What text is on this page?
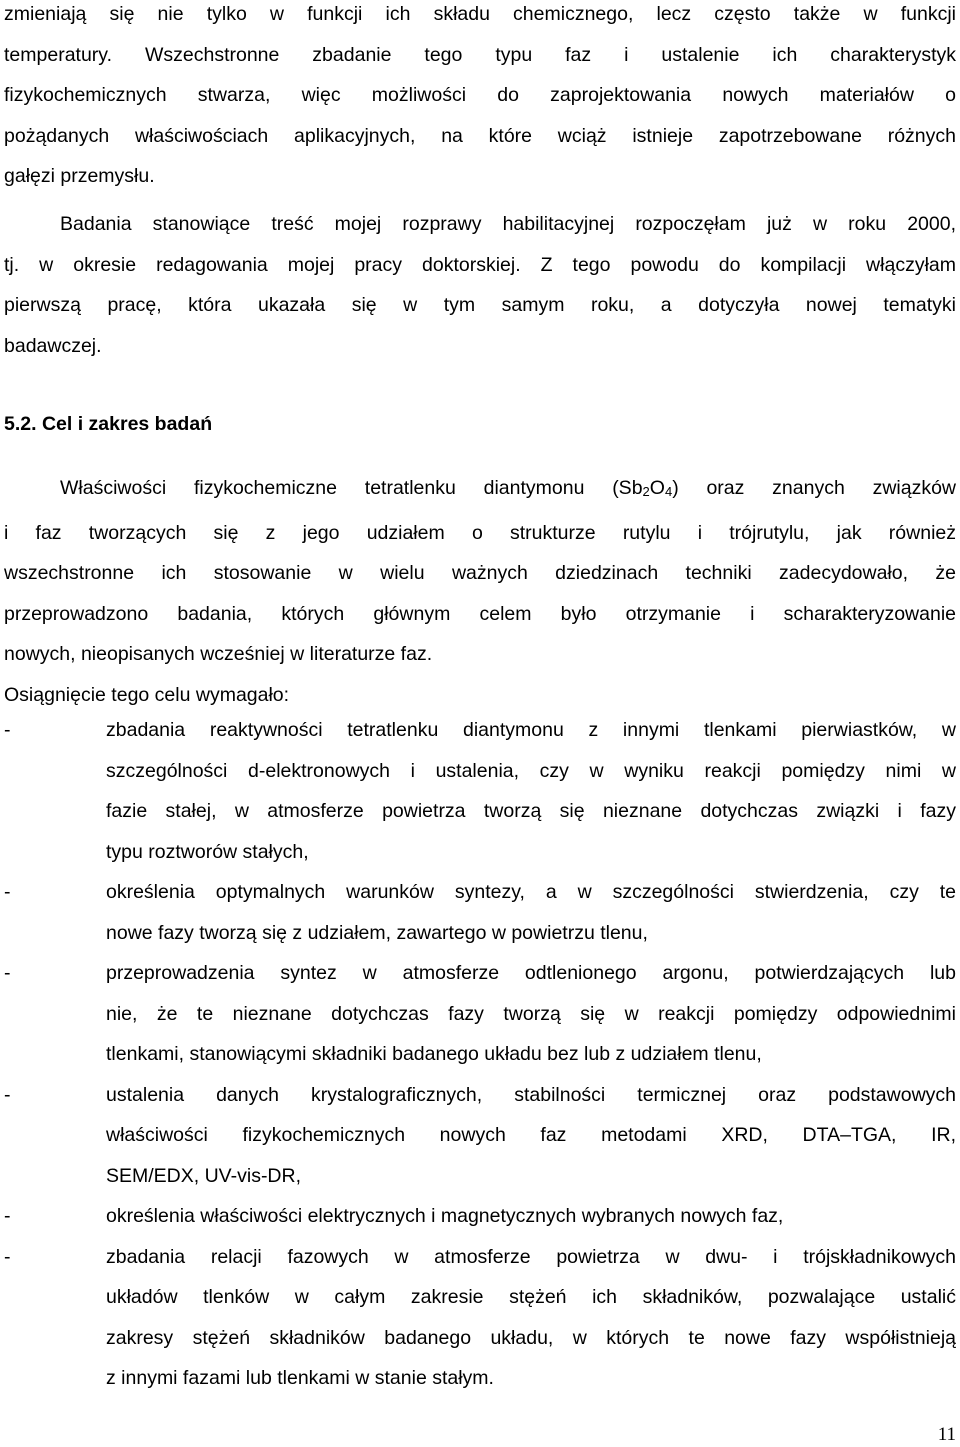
zmieniają się nie tylko w funkcji ich składu chemicznego, lecz często także w funkcji
temperatury. Wszechstronne zbadanie tego typu faz i ustalenie ich charakterystyk
fizykochemicznych stwarza, więc możliwości do zaprojektowania nowych materiałów o
pożądanych właściwościach aplikacyjnych, na które wciąż istnieje zapotrzebowane różnych
gałęzi przemysłu.
Badania stanowiące treść mojej rozprawy habilitacyjnej rozpoczęłam już w roku 2000,
tj. w okresie redagowania mojej pracy doktorskiej. Z tego powodu do kompilacji włączyłam
pierwszą pracę, która ukazała się w tym samym roku, a dotyczyła nowej tematyki
badawczej.
5.2. Cel i zakres badań
Właściwości fizykochemiczne tetratlenku diantymonu (Sb2O4) oraz znanych związków
i faz tworzących się z jego udziałem o strukturze rutylu i trójrutylu, jak również
wszechstronne ich stosowanie w wielu ważnych dziedzinach techniki zadecydowało, że
przeprowadzono badania, których głównym celem było otrzymanie i scharakteryzowanie
nowych, nieopisanych wcześniej w literaturze faz.
Osiągnięcie tego celu wymagało:
-	zbadania reaktywności tetratlenku diantymonu z innymi tlenkami pierwiastków, w
szczególności d-elektronowych i ustalenia, czy w wyniku reakcji pomiędzy nimi w
fazie stałej, w atmosferze powietrza tworzą się nieznane dotychczas związki i fazy
typu roztworów stałych,
-	określenia optymalnych warunków syntezy, a w szczególności stwierdzenia, czy te
nowe fazy tworzą się z udziałem, zawartego w powietrzu tlenu,
-	przeprowadzenia syntez w atmosferze odtlenionego argonu, potwierdzających lub
nie, że te nieznane dotychczas fazy tworzą się w reakcji pomiędzy odpowiednimi
tlenkami, stanowiącymi składniki badanego układu bez lub z udziałem tlenu,
-	ustalenia danych krystalograficznych, stabilności termicznej oraz podstawowych
właściwości fizykochemicznych nowych faz metodami XRD, DTA–TGA, IR,
SEM/EDX, UV-vis-DR,
-	określenia właściwości elektrycznych i magnetycznych wybranych nowych faz,
-	zbadania relacji fazowych w atmosferze powietrza w dwu- i trójskładnikowych
układów tlenków w całym zakresie stężeń ich składników, pozwalające ustalić
zakresy stężeń składników badanego układu, w których te nowe fazy współistnieją
z innymi fazami lub tlenkami w stanie stałym.
11
